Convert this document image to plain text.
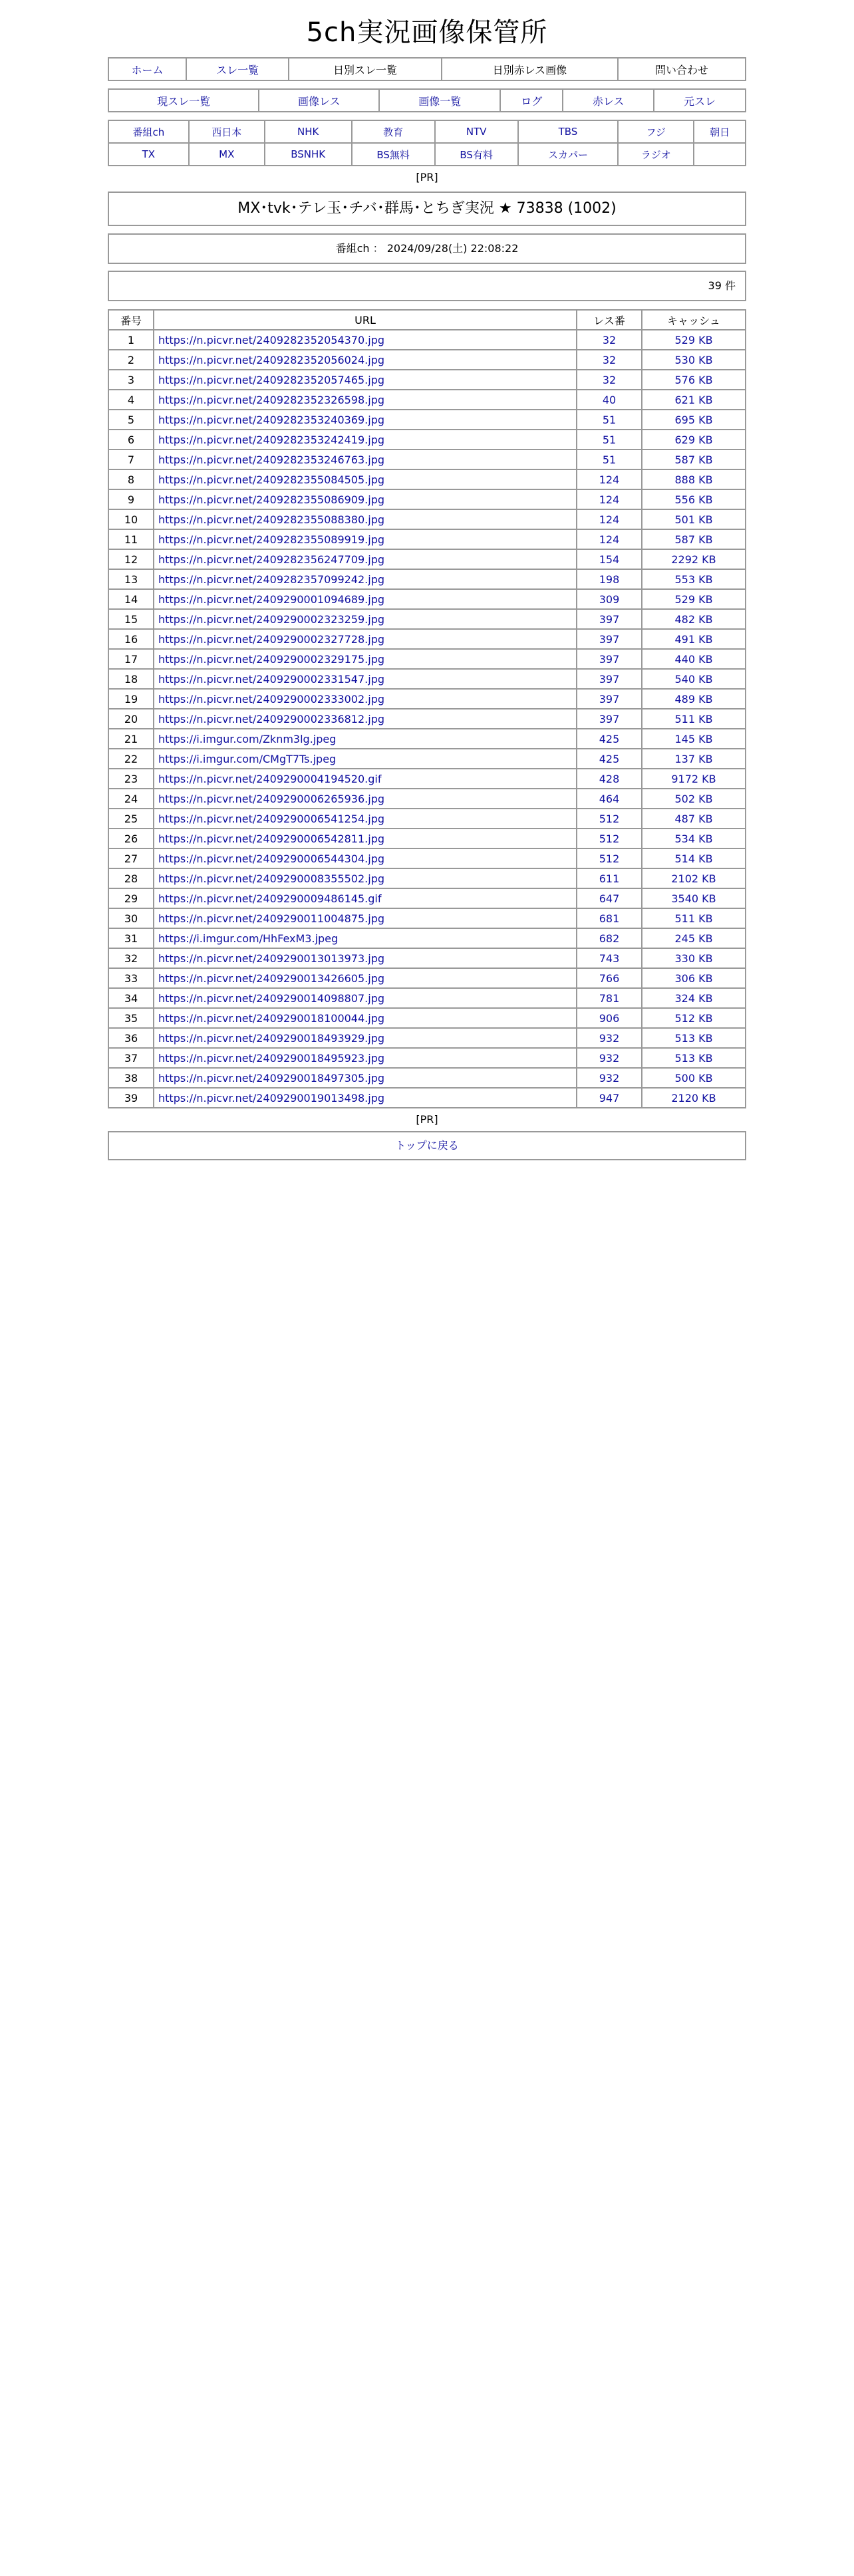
5ch実況画像保管所
ホーム	スレ一覧	日別スレ一覧	日別赤レス画像	問い合わせ
現スレ一覧	画像レス	画像一覧	ログ	赤レス	元スレ
番組ch	西日本	NHK	教育	NTV	TBS	フジ	朝日
TX	MX	BSNHK	BS無料	BS有料	スカパー	ラジオ	
[PR]
MX･tvk･テレ玉･チバ･群馬･とちぎ実況 ★ 73838 (1002)
番組ch ： 2024/09/28(土) 22:08:22
39 件
番号	URL	レス番	キャッシュ
1	https://n.picvr.net/2409282352054370.jpg	32	529 KB
2	https://n.picvr.net/2409282352056024.jpg	32	530 KB
3	https://n.picvr.net/2409282352057465.jpg	32	576 KB
4	https://n.picvr.net/2409282352326598.jpg	40	621 KB
5	https://n.picvr.net/2409282353240369.jpg	51	695 KB
6	https://n.picvr.net/2409282353242419.jpg	51	629 KB
7	https://n.picvr.net/2409282353246763.jpg	51	587 KB
8	https://n.picvr.net/2409282355084505.jpg	124	888 KB
9	https://n.picvr.net/2409282355086909.jpg	124	556 KB
10	https://n.picvr.net/2409282355088380.jpg	124	501 KB
11	https://n.picvr.net/2409282355089919.jpg	124	587 KB
12	https://n.picvr.net/2409282356247709.jpg	154	2292 KB
13	https://n.picvr.net/2409282357099242.jpg	198	553 KB
14	https://n.picvr.net/2409290001094689.jpg	309	529 KB
15	https://n.picvr.net/2409290002323259.jpg	397	482 KB
16	https://n.picvr.net/2409290002327728.jpg	397	491 KB
17	https://n.picvr.net/2409290002329175.jpg	397	440 KB
18	https://n.picvr.net/2409290002331547.jpg	397	540 KB
19	https://n.picvr.net/2409290002333002.jpg	397	489 KB
20	https://n.picvr.net/2409290002336812.jpg	397	511 KB
21	https://i.imgur.com/Zknm3lg.jpeg	425	145 KB
22	https://i.imgur.com/CMgT7Ts.jpeg	425	137 KB
23	https://n.picvr.net/2409290004194520.gif	428	9172 KB
24	https://n.picvr.net/2409290006265936.jpg	464	502 KB
25	https://n.picvr.net/2409290006541254.jpg	512	487 KB
26	https://n.picvr.net/2409290006542811.jpg	512	534 KB
27	https://n.picvr.net/2409290006544304.jpg	512	514 KB
28	https://n.picvr.net/2409290008355502.jpg	611	2102 KB
29	https://n.picvr.net/2409290009486145.gif	647	3540 KB
30	https://n.picvr.net/2409290011004875.jpg	681	511 KB
31	https://i.imgur.com/HhFexM3.jpeg	682	245 KB
32	https://n.picvr.net/2409290013013973.jpg	743	330 KB
33	https://n.picvr.net/2409290013426605.jpg	766	306 KB
34	https://n.picvr.net/2409290014098807.jpg	781	324 KB
35	https://n.picvr.net/2409290018100044.jpg	906	512 KB
36	https://n.picvr.net/2409290018493929.jpg	932	513 KB
37	https://n.picvr.net/2409290018495923.jpg	932	513 KB
38	https://n.picvr.net/2409290018497305.jpg	932	500 KB
39	https://n.picvr.net/2409290019013498.jpg	947	2120 KB
[PR]
トップに戻る
